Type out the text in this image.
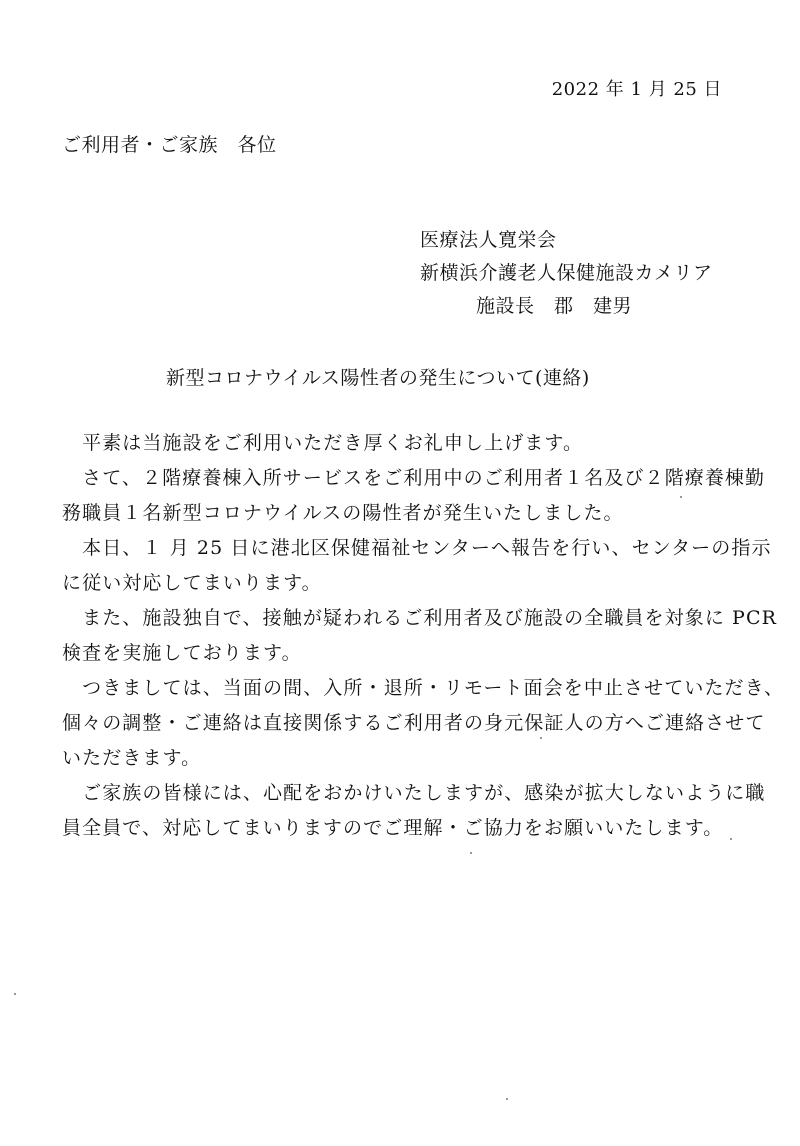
2022 年 1 月 25 日
ご利用者・ご家族　各位
医療法人寛栄会
新横浜介護老人保健施設カメリア
施設長　郡　建男
新型コロナウイルス陽性者の発生について(連絡)

　平素は当施設をご利用いただき厚くお礼申し上げます。

　さて、２階療養棟入所サービスをご利用中のご利用者１名及び２階療養棟勤

務職員１名新型コロナウイルスの陽性者が発生いたしました。

　本日、１ 月 25 日に港北区保健福祉センターへ報告を行い、センターの指示

に従い対応してまいります。

　また、施設独自で、接触が疑われるご利用者及び施設の全職員を対象に PCR

検査を実施しております。

　つきましては、当面の間、入所・退所・リモート面会を中止させていただき、

個々の調整・ご連絡は直接関係するご利用者の身元保証人の方へご連絡させて

いただきます。

　ご家族の皆様には、心配をおかけいたしますが、感染が拡大しないように職

員全員で、対応してまいりますのでご理解・ご協力をお願いいたします。
